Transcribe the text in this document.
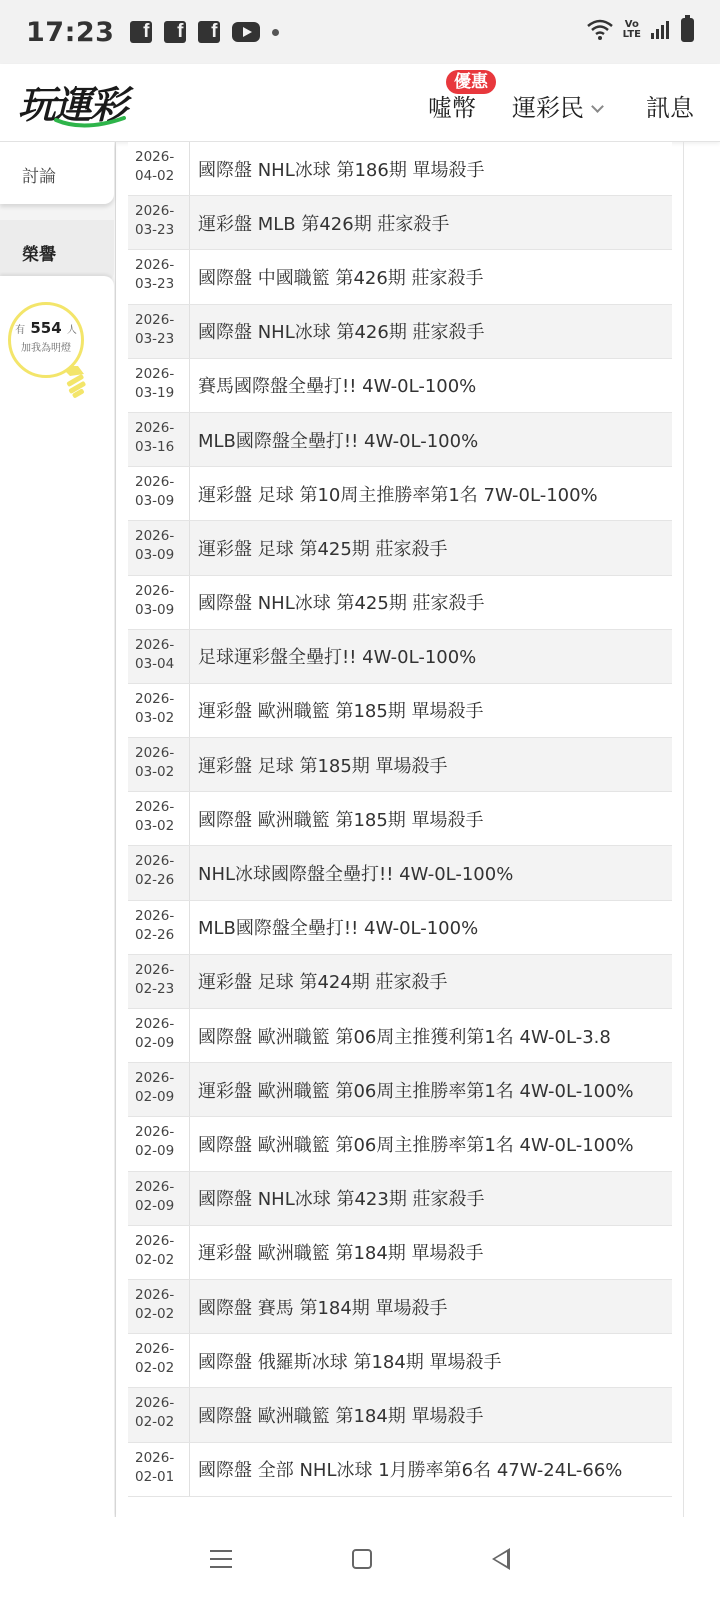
17:23	f	f	f	Vo
LTE
玩運彩	噓幣 運彩民	訊息
優惠
討論
榮譽
有 554 人
加我為明燈
2026-
04-02	國際盤 NHL冰球 第186期 單場殺手
2026-
03-23	運彩盤 MLB 第426期 莊家殺手
2026-
03-23	國際盤 中國職籃 第426期 莊家殺手
2026-
03-23	國際盤 NHL冰球 第426期 莊家殺手
2026-
03-19	賽馬國際盤全壘打!! 4W-0L-100%
2026-
03-16	MLB國際盤全壘打!! 4W-0L-100%
2026-
03-09	運彩盤 足球 第10周主推勝率第1名 7W-0L-100%
2026-
03-09	運彩盤 足球 第425期 莊家殺手
2026-
03-09	國際盤 NHL冰球 第425期 莊家殺手
2026-
03-04	足球運彩盤全壘打!! 4W-0L-100%
2026-
03-02	運彩盤 歐洲職籃 第185期 單場殺手
2026-
03-02	運彩盤 足球 第185期 單場殺手
2026-
03-02	國際盤 歐洲職籃 第185期 單場殺手
2026-
02-26	NHL冰球國際盤全壘打!! 4W-0L-100%
2026-
02-26	MLB國際盤全壘打!! 4W-0L-100%
2026-
02-23	運彩盤 足球 第424期 莊家殺手
2026-
02-09	國際盤 歐洲職籃 第06周主推獲利第1名 4W-0L-3.8
2026-
02-09	運彩盤 歐洲職籃 第06周主推勝率第1名 4W-0L-100%
2026-
02-09	國際盤 歐洲職籃 第06周主推勝率第1名 4W-0L-100%
2026-
02-09	國際盤 NHL冰球 第423期 莊家殺手
2026-
02-02	運彩盤 歐洲職籃 第184期 單場殺手
2026-
02-02	國際盤 賽馬 第184期 單場殺手
2026-
02-02	國際盤 俄羅斯冰球 第184期 單場殺手
2026-
02-02	國際盤 歐洲職籃 第184期 單場殺手
2026-
02-01	國際盤 全部 NHL冰球 1月勝率第6名 47W-24L-66%
